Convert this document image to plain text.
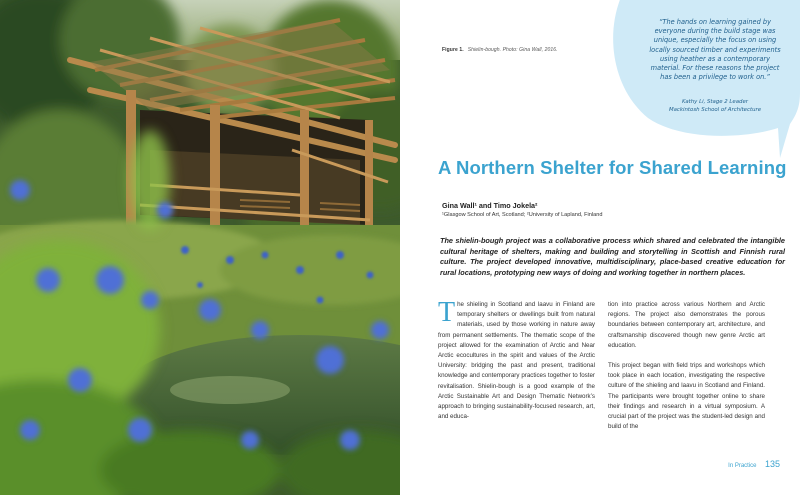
Figure 1. Shielin-bough. Photo: Gina Wall, 2016.
“The hands on learning gained by everyone during the build stage was unique, especially the focus on using locally sourced timber and experiments using heather as a contemporary material. For these reasons the project has been a privilege to work on.”
Kathy Li, Stage 2 Leader
Mackintosh School of Architecture
A Northern Shelter for Shared Learning
Gina Wall¹ and Timo Jokela²
¹Glasgow School of Art, Scotland; ²University of Lapland, Finland

The shielin-bough project was a collaborative process which shared and celebrated the intangible cultural heritage of shelters, making and building and storytelling in Scottish and Finnish rural culture. The project developed innovative, multidisciplinary, place-based creative education for rural locations, prototyping new ways of doing and working together in northern places.

The shieling in Scotland and laavu in Finland are temporary shelters or dwellings built from natural materials, used by those working in nature away from permanent settlements. The thematic scope of the project allowed for the examination of Arctic and Near Arctic ecocultures in the spirit and values of the Arctic University: bridging the past and present, traditional knowledge and contemporary practices together to foster revitalisation. Shielin-bough is a good example of the Arctic Sustainable Art and Design Thematic Network’s approach to bringing sustainability-focused research, art, and educa-

tion into practice across various Northern and Arctic regions. The project also demonstrates the porous boundaries between contemporary art, architecture, and craftsmanship discovered though new genre Arctic art education.

This project began with field trips and workshops which took place in each location, investigating the respective culture of the shieling and laavu in Scotland and Finland. The participants were brought together online to share their findings and research in a virtual symposium. A crucial part of the project was the student-led design and build of the

In Practice 135
